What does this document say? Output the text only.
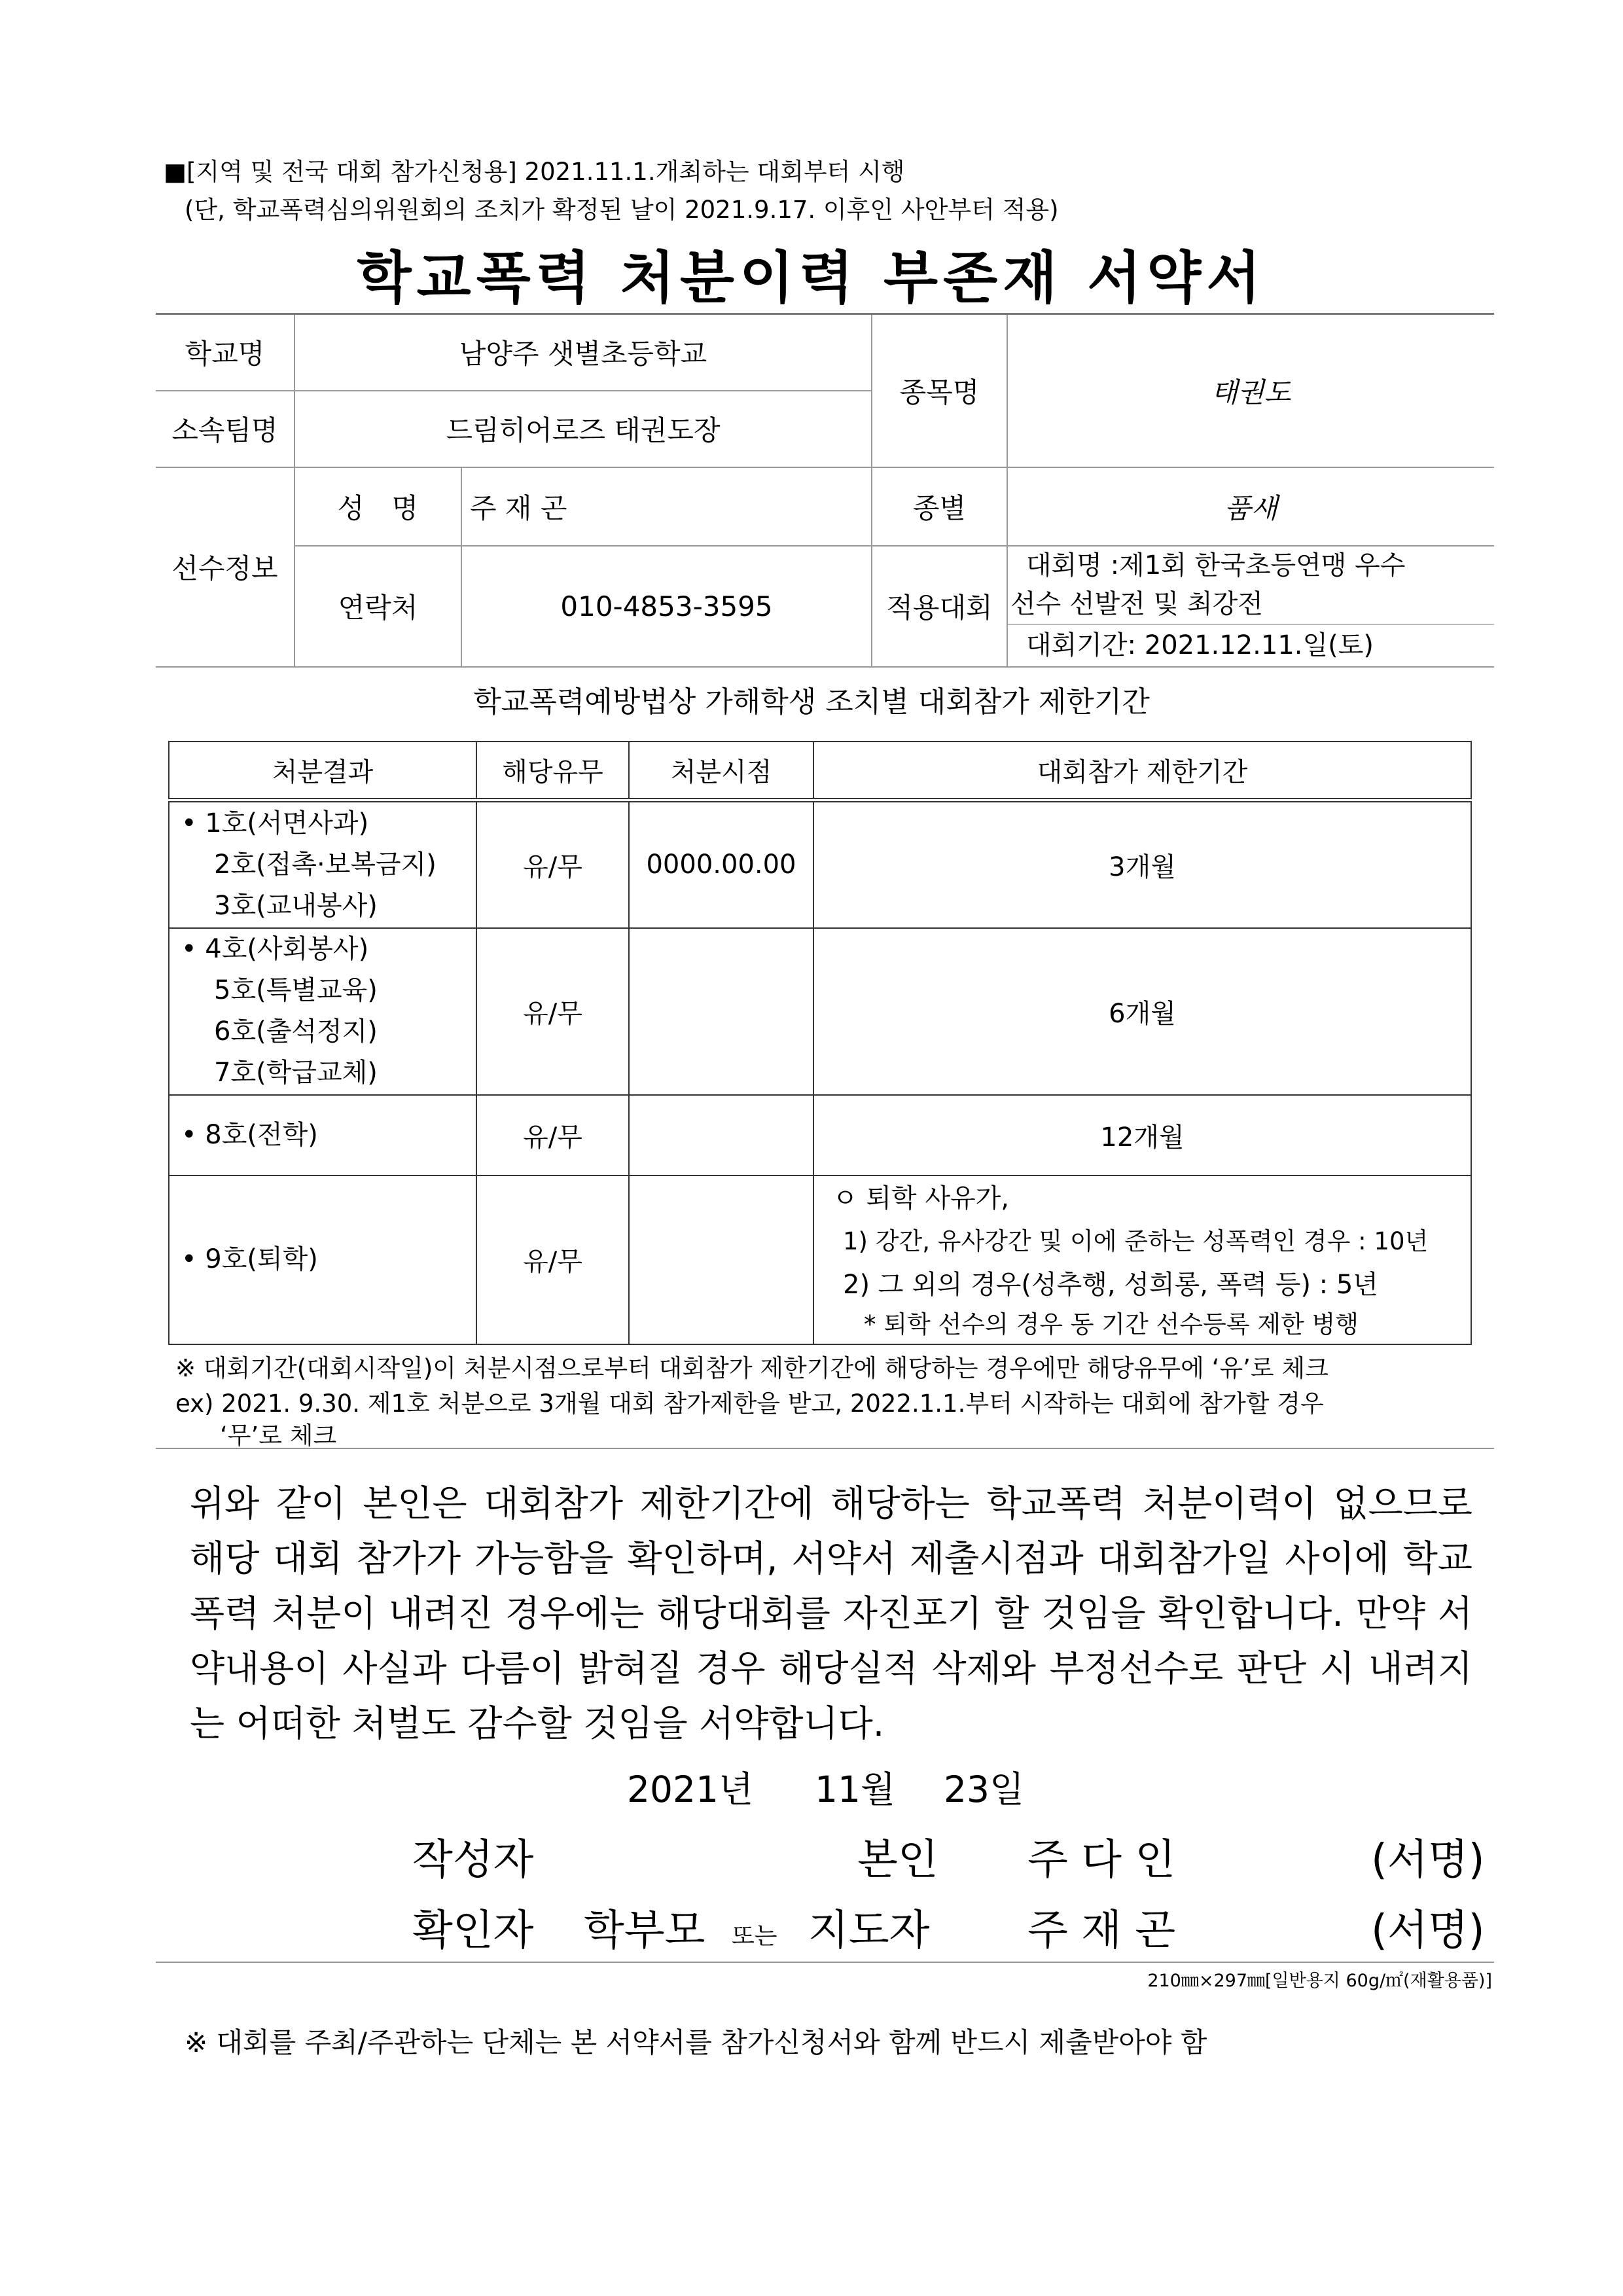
■[지역 및 전국 대회 참가신청용] 2021.11.1.개최하는 대회부터 시행
(단, 학교폭력심의위원회의 조치가 확정된 날이 2021.9.17. 이후인 사안부터 적용)
학교폭력 처분이력 부존재 서약서
학교명	남양주 샛별초등학교		종목명	태권도
소속팀명	드림히어로즈 태권도장			
선수정보	성　명	주 재 곤	종별	품새
	연락처	010-4853-3595	적용대회	대회명 :제1회 한국초등연맹 우수
선수 선발전 및 최강전
대회기간: 2021.12.11.일(토)
학교폭력예방법상 가해학생 조치별 대회참가 제한기간
처분결과	해당유무	처분시점	대회참가 제한기간

• 1호(서면사과)
2호(접촉·보복금지)
3호(교내봉사)	유/무	0000.00.00	3개월

• 4호(사회봉사)
5호(특별교육)
6호(출석정지)
7호(학급교체)	유/무		6개월

• 8호(전학)	유/무		12개월

• 9호(퇴학)	유/무		ㅇ 퇴학 사유가,
1) 강간, 유사강간 및 이에 준하는 성폭력인 경우 : 10년
2) 그 외의 경우(성추행, 성희롱, 폭력 등) : 5년
* 퇴학 선수의 경우 동 기간 선수등록 제한 병행
※ 대회기간(대회시작일)이 처분시점으로부터 대회참가 제한기간에 해당하는 경우에만 해당유무에 ‘유’로 체크
ex) 2021. 9.30. 제1호 처분으로 3개월 대회 참가제한을 받고, 2022.1.1.부터 시작하는 대회에 참가할 경우
‘무’로 체크
위와 같이 본인은 대회참가 제한기간에 해당하는 학교폭력 처분이력이 없으므로 해당 대회 참가가 가능함을 확인하며, 서약서 제출시점과 대회참가일 사이에 학교폭력 처분이 내려진 경우에는 해당대회를 자진포기 할 것임을 확인합니다. 만약 서약내용이 사실과 다름이 밝혀질 경우 해당실적 삭제와 부정선수로 판단 시 내려지는 어떠한 처벌도 감수할 것임을 서약합니다.
2021년 11월 23일
작성자	본인 주 다 인	(서명)
확인자 학부모 또는 지도자 주 재 곤	(서명)
210㎜×297㎜[일반용지 60g/㎡(재활용품)]
※ 대회를 주최/주관하는 단체는 본 서약서를 참가신청서와 함께 반드시 제출받아야 함
